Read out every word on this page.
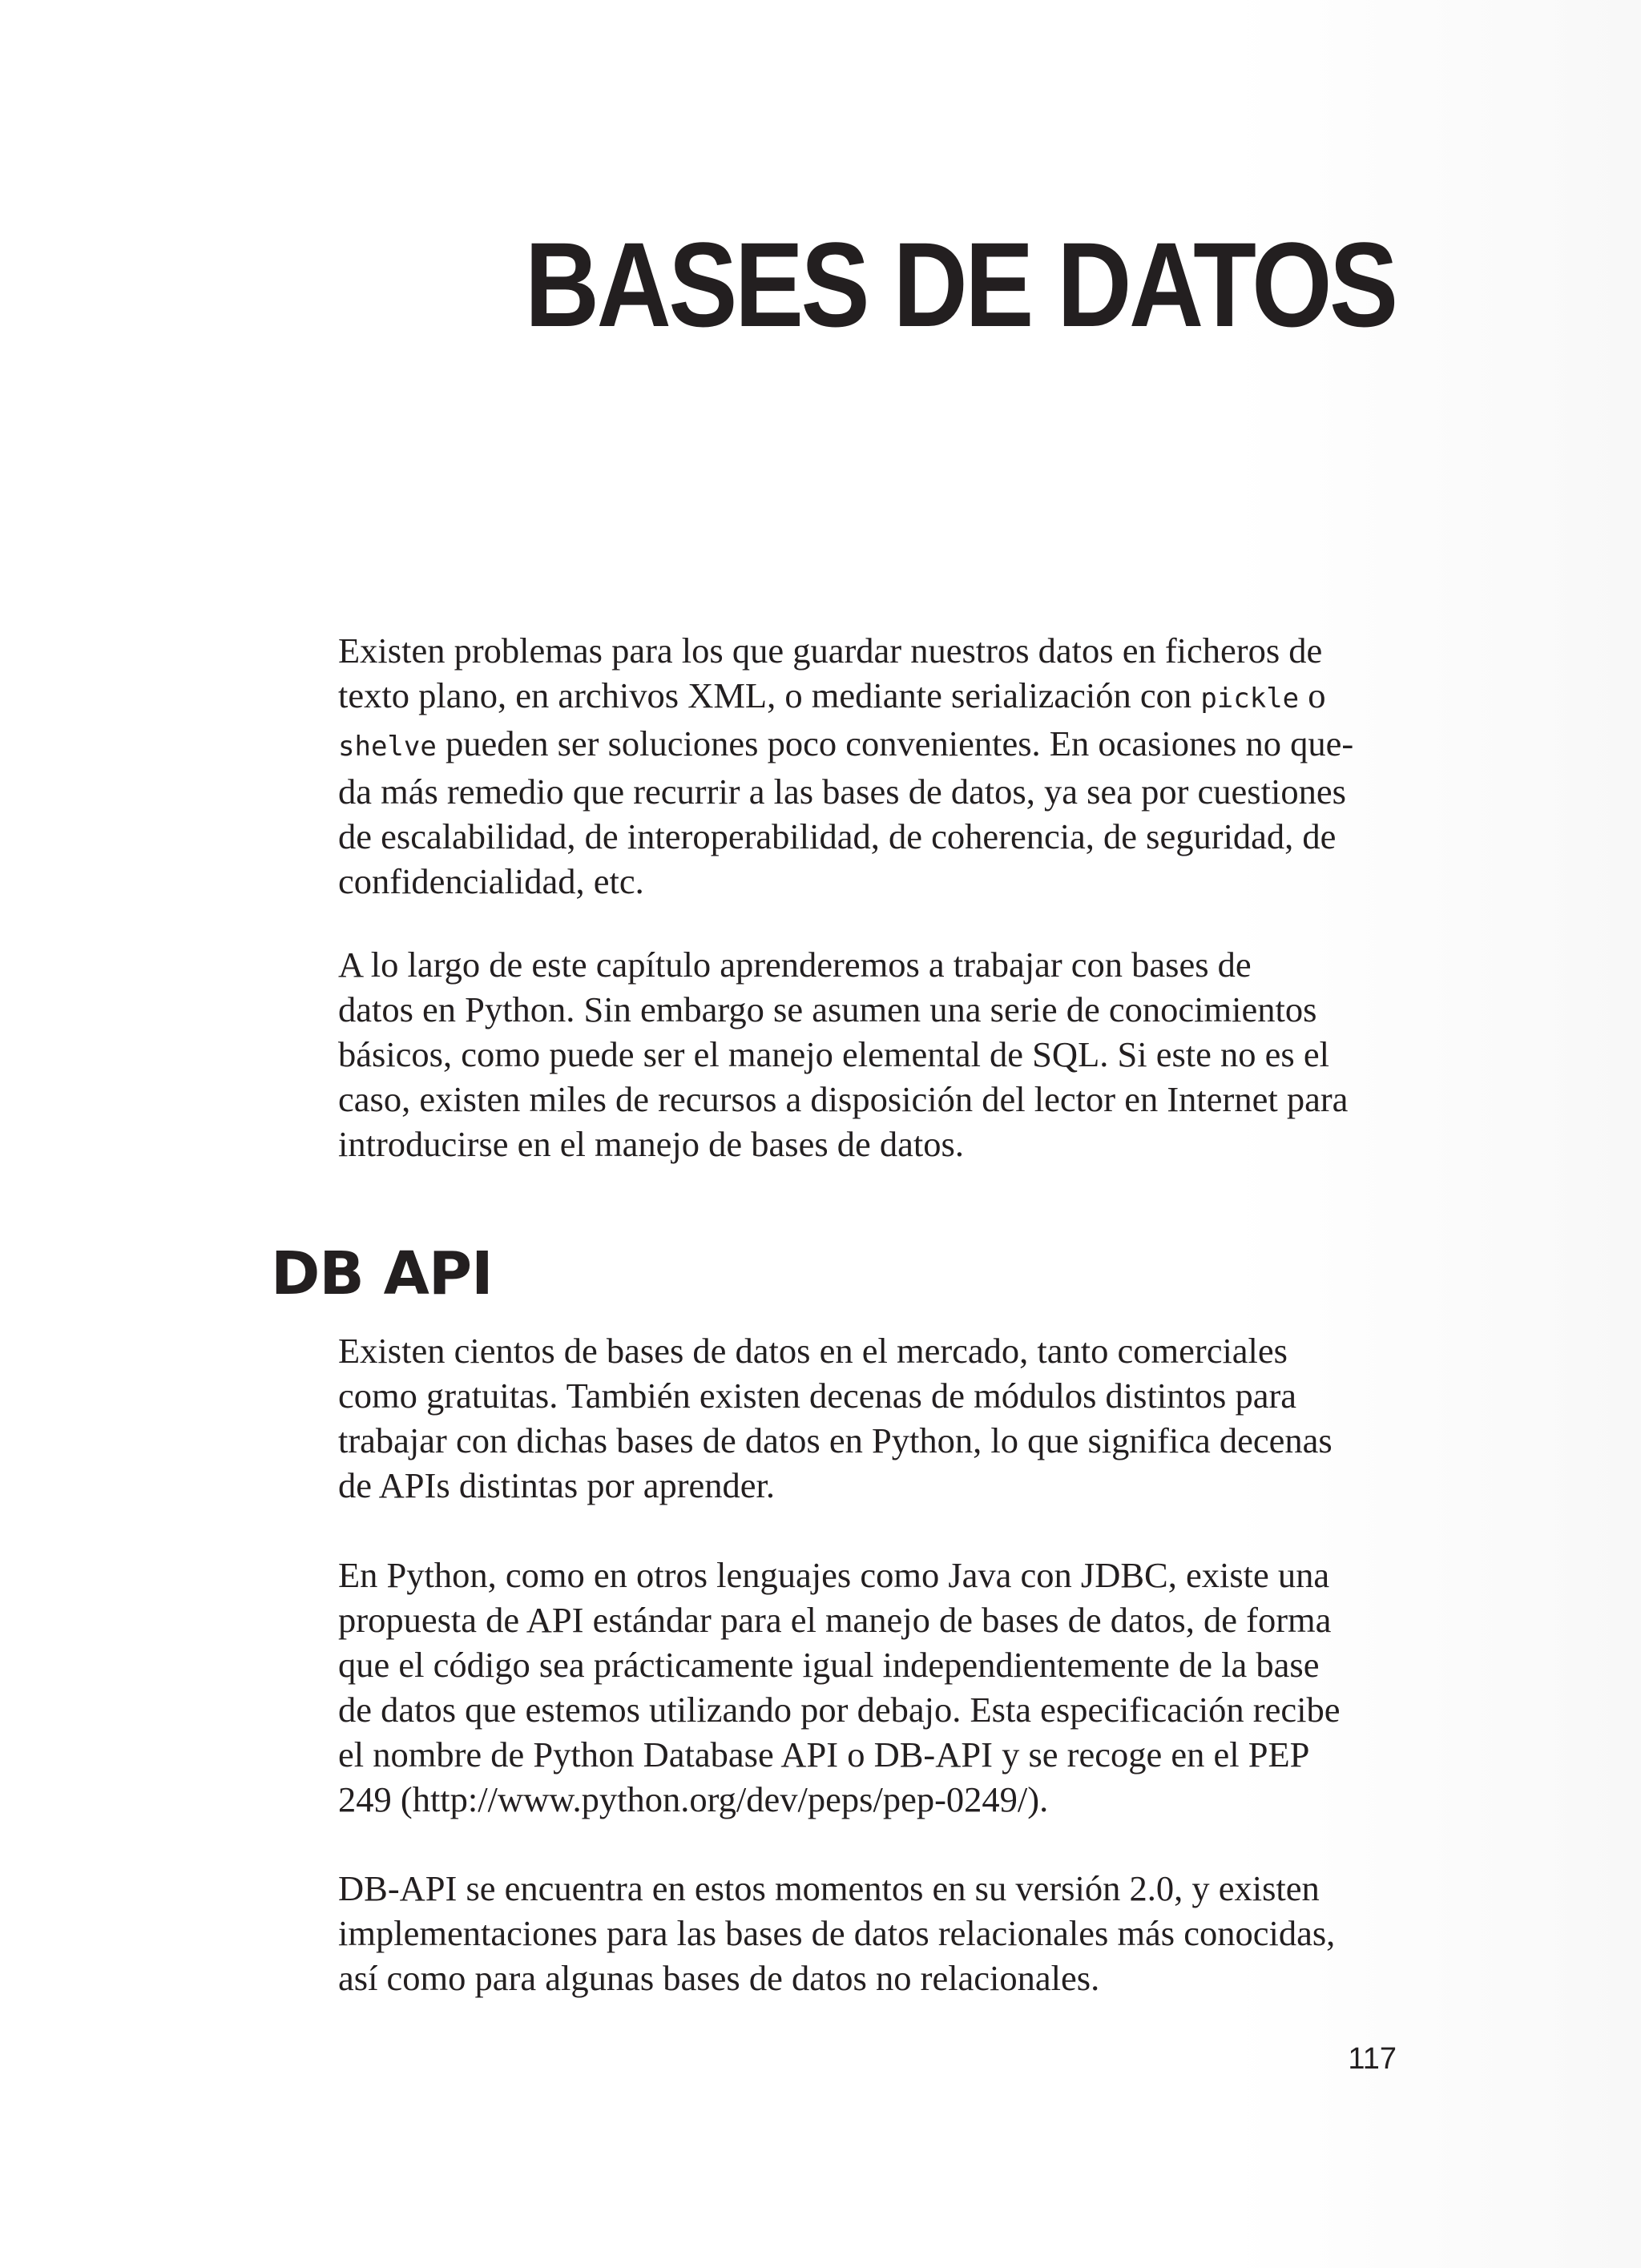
BASES DE DATOS

Existen problemas para los que guardar nuestros datos en ficheros de
texto plano, en archivos XML, o mediante serialización con pickle o
shelve pueden ser soluciones poco convenientes. En ocasiones no que-
da más remedio que recurrir a las bases de datos, ya sea por cuestiones
de escalabilidad, de interoperabilidad, de coherencia, de seguridad, de
confidencialidad, etc.

A lo largo de este capítulo aprenderemos a trabajar con bases de
datos en Python. Sin embargo se asumen una serie de conocimientos
básicos, como puede ser el manejo elemental de SQL. Si este no es el
caso, existen miles de recursos a disposición del lector en Internet para
introducirse en el manejo de bases de datos.

DB API

Existen cientos de bases de datos en el mercado, tanto comerciales
como gratuitas. También existen decenas de módulos distintos para
trabajar con dichas bases de datos en Python, lo que significa decenas
de APIs distintas por aprender.

En Python, como en otros lenguajes como Java con JDBC, existe una
propuesta de API estándar para el manejo de bases de datos, de forma
que el código sea prácticamente igual independientemente de la base
de datos que estemos utilizando por debajo. Esta especificación recibe
el nombre de Python Database API o DB-API y se recoge en el PEP
249 (http://www.python.org/dev/peps/pep-0249/).

DB-API se encuentra en estos momentos en su versión 2.0, y existen
implementaciones para las bases de datos relacionales más conocidas,
así como para algunas bases de datos no relacionales.

117
